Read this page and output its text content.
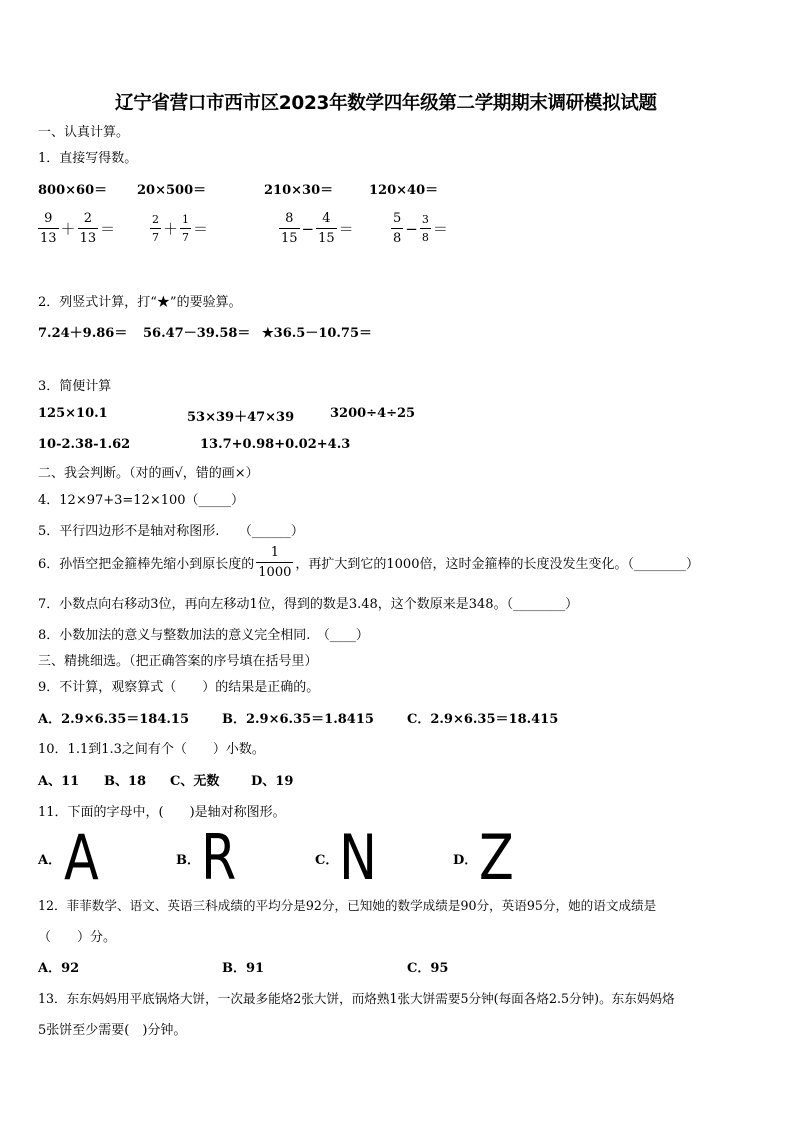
辽宁省营口市西市区2023年数学四年级第二学期期末调研模拟试题
一、认真计算。
1．直接写得数。
800×60＝ 20×500＝	210×30＝	120×40＝
$\frac{9}{13} + \frac{2}{13}$ ＝	$\frac{2}{7} + \frac{1}{7}$ ＝	$\frac{8}{15} - \frac{4}{15}$ ＝	$\frac{5}{8} - \frac{3}{8}$ ＝
2．列竖式计算，打“★”的要验算。
7.24＋9.86＝ 56.47－39.58＝ ★36.5－10.75＝
3．简便计算
125×10.1	53×39＋47×39	3200÷4÷25
10-2.38-1.62	13.7+0.98+0.02+4.3
二、我会判断。（对的画√，错的画×）
4．12×97+3=12×100（_____）
5．平行四边形不是轴对称图形.　　（______）
6．孙悟空把金箍棒先缩小到原长度的 $\frac{1}{1000}$ ，再扩大到它的1000倍，这时金箍棒的长度没发生变化。（________）
7．小数点向右移动3位，再向左移动1位，得到的数是3.48，这个数原来是348。（________）
8．小数加法的意义与整数加法的意义完全相同.　（____）
三、精挑细选。（把正确答案的序号填在括号里）
9．不计算，观察算式（　　）的结果是正确的。
A．2.9×6.35＝184.15	B．2.9×6.35＝1.8415	C．2.9×6.35＝18.415
10．1.1到1.3之间有个（　　）小数。
A、11 B、18 C、无数 D、19
11．下面的字母中，(　　)是轴对称图形。
A． A	B． R	C． N	D． Z
12．菲菲数学、语文、英语三科成绩的平均分是92分，已知她的数学成绩是90分，英语95分，她的语文成绩是
（　　）分。
A．92	B．91	C．95
13．东东妈妈用平底锅烙大饼，一次最多能烙2张大饼，而烙熟1张大饼需要5分钟(每面各烙2.5分钟)。东东妈妈烙
5张饼至少需要(　)分钟。
